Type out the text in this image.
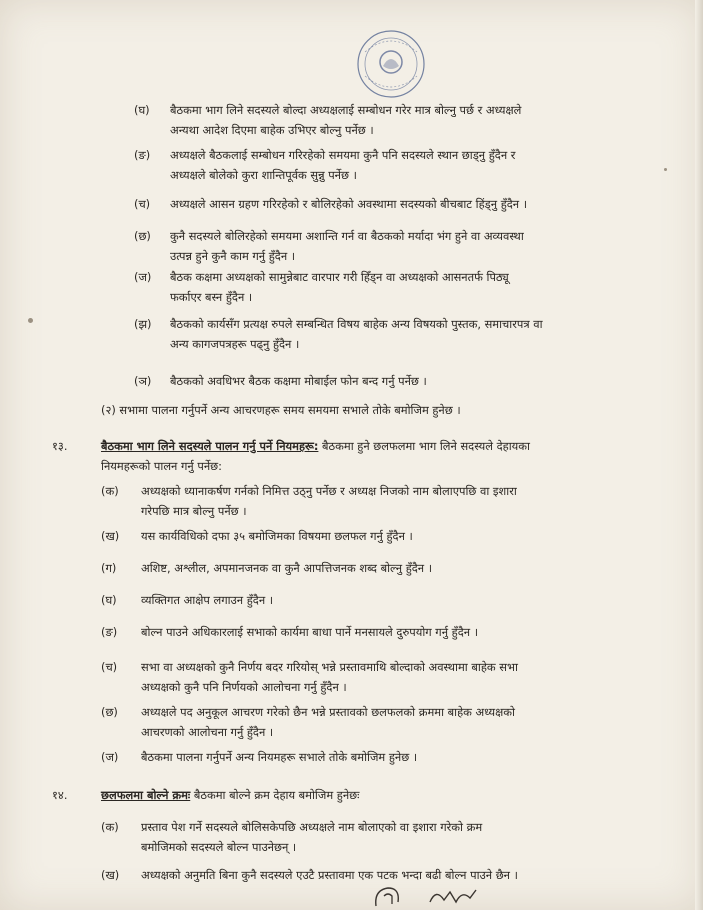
(घ) बैठकमा भाग लिने सदस्यले बोल्दा अध्यक्षलाई सम्बोधन गरेर मात्र बोल्नु पर्छ र अध्यक्षले
अन्यथा आदेश दिएमा बाहेक उभिएर बोल्नु पर्नेछ ।
(ङ) अध्यक्षले बैठकलाई सम्बोधन गरिरहेको समयमा कुनै पनि सदस्यले स्थान छाड्नु हुँदैन र
अध्यक्षले बोलेको कुरा शान्तिपूर्वक सुन्नु पर्नेछ ।
(च) अध्यक्षले आसन ग्रहण गरिरहेको र बोलिरहेको अवस्थामा सदस्यको बीचबाट हिंड्नु हुँदैन ।
(छ) कुनै सदस्यले बोलिरहेको समयमा अशान्ति गर्न वा बैठकको मर्यादा भंग हुने वा अव्यवस्था
उत्पन्न हुने कुनै काम गर्नु हुँदैन ।
(ज) बैठक कक्षमा अध्यक्षको सामुन्नेबाट वारपार गरी हिँड्न वा अध्यक्षको आसनतर्फ पिठ्यू
फर्काएर बस्न हुँदैन ।
(झ) बैठकको कार्यसँग प्रत्यक्ष रुपले सम्बन्धित विषय बाहेक अन्य विषयको पुस्तक, समाचारपत्र वा
अन्य कागजपत्रहरू पढ्नु हुँदैन ।
(ञ) बैठकको अवधिभर बैठक कक्षमा मोबाईल फोन बन्द गर्नु पर्नेछ ।
(२) सभामा पालना गर्नुपर्ने अन्य आचरणहरू समय समयमा सभाले तोके बमोजिम हुनेछ ।
१३.	बैठकमा भाग लिने सदस्यले पालन गर्नु पर्ने नियमहरू: बैठकमा हुने छलफलमा भाग लिने सदस्यले देहायका
नियमहरूको पालन गर्नु पर्नेछ:
(क) अध्यक्षको ध्यानाकर्षण गर्नको निमित्त उठ्नु पर्नेछ र अध्यक्ष निजको नाम बोलाएपछि वा इशारा
गरेपछि मात्र बोल्नु पर्नेछ ।
(ख) यस कार्यविधिको दफा ३५ बमोजिमका विषयमा छलफल गर्नु हुँदैन ।
(ग) अशिष्ट, अश्लील, अपमानजनक वा कुनै आपत्तिजनक शब्द बोल्नु हुँदैन ।
(घ) व्यक्तिगत आक्षेप लगाउन हुँदैन ।
(ङ) बोल्न पाउने अधिकारलाई सभाको कार्यमा बाधा पार्ने मनसायले दुरुपयोग गर्नु हुँदैन ।
(च) सभा वा अध्यक्षको कुनै निर्णय बदर गरियोस् भन्ने प्रस्तावमाथि बोल्दाको अवस्थामा बाहेक सभा
अध्यक्षको कुनै पनि निर्णयको आलोचना गर्नु हुँदैन ।
(छ) अध्यक्षले पद अनुकूल आचरण गरेको छैन भन्ने प्रस्तावको छलफलको क्रममा बाहेक अध्यक्षको
आचरणको आलोचना गर्नु हुँदैन ।
(ज) बैठकमा पालना गर्नुपर्ने अन्य नियमहरू सभाले तोके बमोजिम हुनेछ ।
१४.	छलफलमा बोल्ने क्रमः बैठकमा बोल्ने क्रम देहाय बमोजिम हुनेछः
(क) प्रस्ताव पेश गर्ने सदस्यले बोलिसकेपछि अध्यक्षले नाम बोलाएको वा इशारा गरेको क्रम
बमोजिमको सदस्यले बोल्न पाउनेछन् ।
(ख) अध्यक्षको अनुमति बिना कुनै सदस्यले एउटै प्रस्तावमा एक पटक भन्दा बढी बोल्न पाउने छैन ।
